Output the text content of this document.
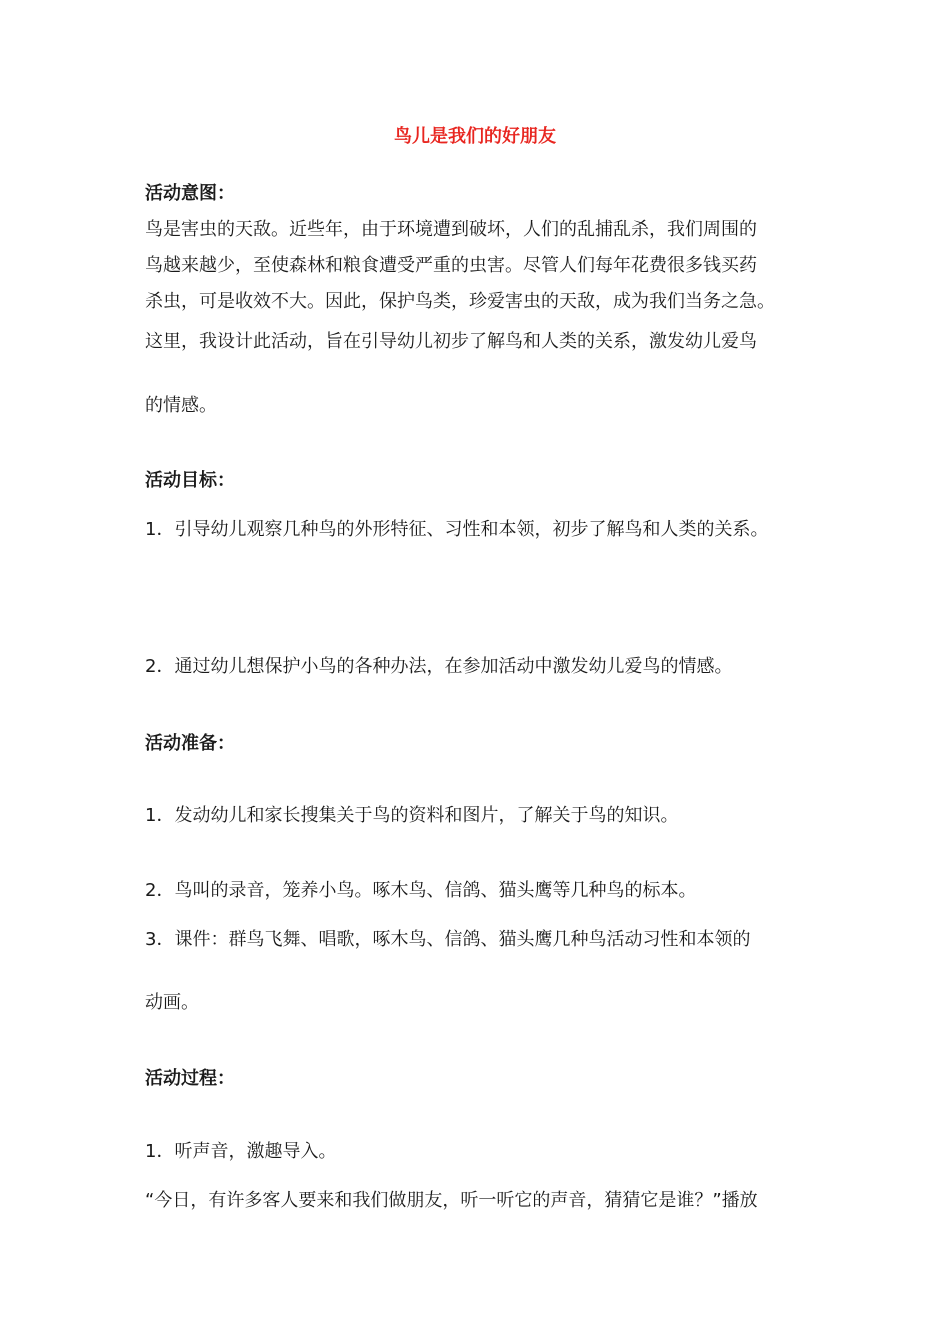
鸟儿是我们的好朋友
活动意图：
鸟是害虫的天敌。近些年，由于环境遭到破坏，人们的乱捕乱杀，我们周围的
鸟越来越少，至使森林和粮食遭受严重的虫害。尽管人们每年花费很多钱买药
杀虫，可是收效不大。因此，保护鸟类，珍爱害虫的天敌，成为我们当务之急。
这里，我设计此活动，旨在引导幼儿初步了解鸟和人类的关系，激发幼儿爱鸟
的情感。
活动目标：
1．引导幼儿观察几种鸟的外形特征、习性和本领，初步了解鸟和人类的关系。
2．通过幼儿想保护小鸟的各种办法，在参加活动中激发幼儿爱鸟的情感。
活动准备：
1．发动幼儿和家长搜集关于鸟的资料和图片，了解关于鸟的知识。
2．鸟叫的录音，笼养小鸟。啄木鸟、信鸽、猫头鹰等几种鸟的标本。
3．课件：群鸟飞舞、唱歌，啄木鸟、信鸽、猫头鹰几种鸟活动习性和本领的
动画。
活动过程：
1．听声音，激趣导入。
“今日，有许多客人要来和我们做朋友，听一听它的声音，猜猜它是谁？”播放
